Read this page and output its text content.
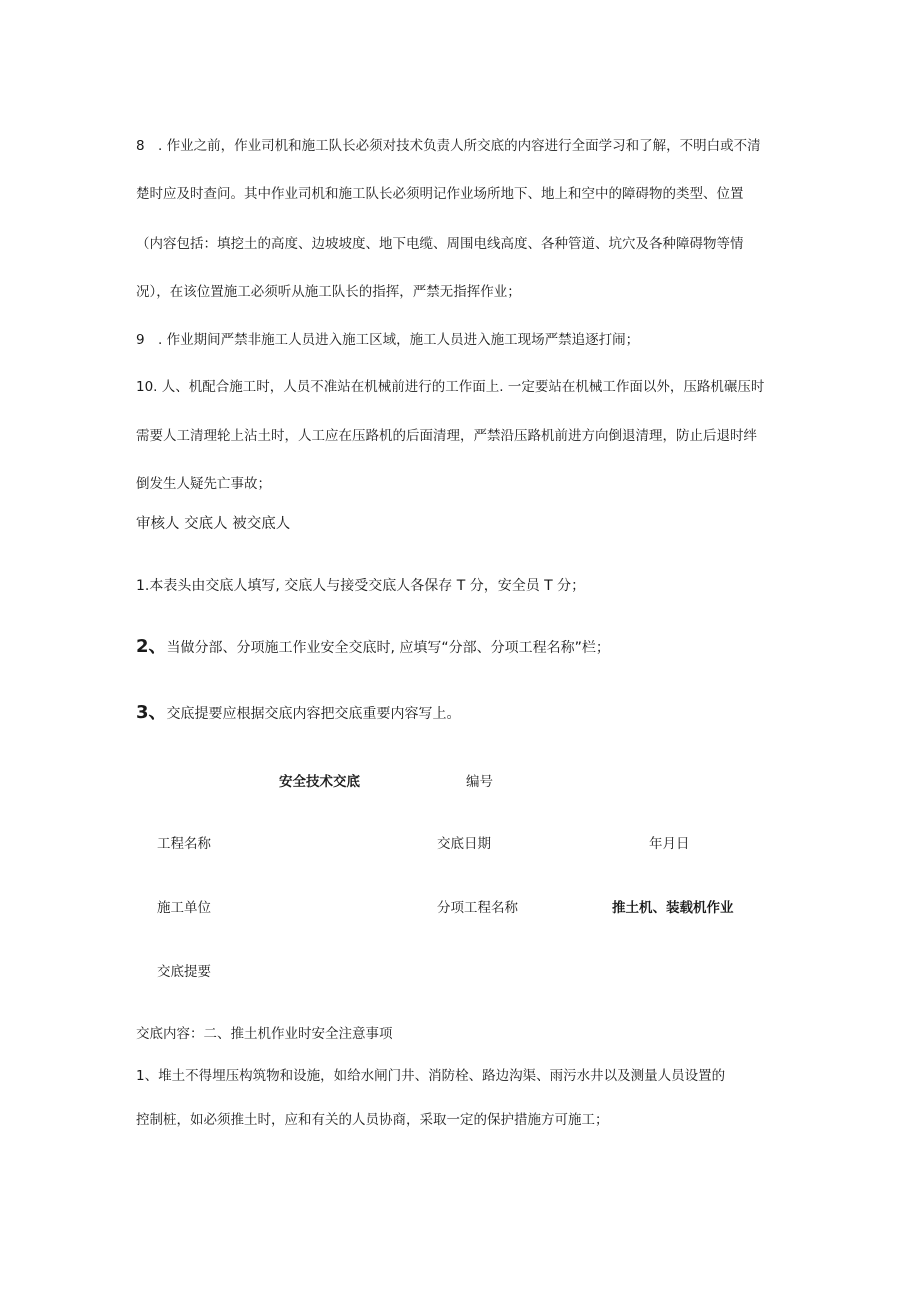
8 . 作业之前，作业司机和施工队长必须对技术负责人所交底的内容进行全面学习和了解，不明白或不清
楚时应及时查问。其中作业司机和施工队长必须明记作业场所地下、地上和空中的障碍物的类型、位置
（内容包括：填挖土的高度、边坡坡度、地下电缆、周围电线高度、各种管道、坑穴及各种障碍物等情
况），在该位置施工必须听从施工队长的指挥，严禁无指挥作业；
9 . 作业期间严禁非施工人员进入施工区域，施工人员进入施工现场严禁追逐打闹；
10. 人、机配合施工时，人员不准站在机械前进行的工作面上. 一定要站在机械工作面以外，压路机碾压时
需要人工清理轮上沾土时，人工应在压路机的后面清理，严禁沿压路机前进方向倒退清理，防止后退时绊
倒发生人疑先亡事故；
审核人 交底人 被交底人
1.本表头由交底人填写, 交底人与接受交底人各保存 T 分，安全员 T 分；
2、当做分部、分项施工作业安全交底时, 应填写“分部、分项工程名称”栏；
3、交底提要应根据交底内容把交底重要内容写上。
安全技术交底	编号
工程名称	交底日期	年月日
施工单位	分项工程名称	推土机、装载机作业
交底提要
交底内容：二、推土机作业时安全注意事项
1、堆土不得埋压构筑物和设施，如给水闸门井、消防栓、路边沟渠、雨污水井以及测量人员设置的
控制桩，如必须推土时，应和有关的人员协商，采取一定的保护措施方可施工；
